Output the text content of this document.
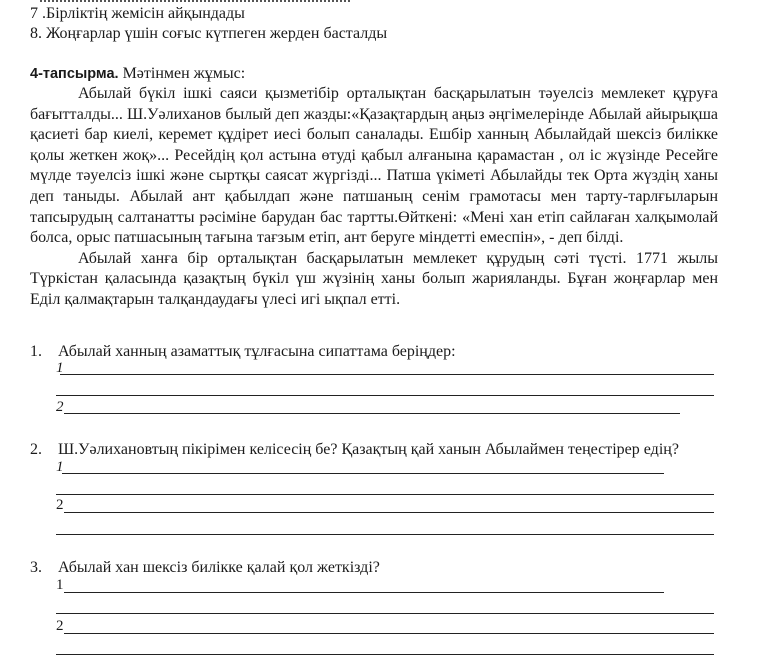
7 .Бірліктің жемісін айқындады
8. Жоңғарлар үшін соғыс күтпеген жерден басталды
4-тапсырма. Мәтінмен жұмыс:

Абылай бүкіл ішкі саяси қызметібір орталықтан басқарылатын тәуелсіз мемлекет құруға бағытталды... Ш.Уәлиханов былый деп жазды:«Қазақтардың аңыз әңгімелерінде Абылай айырықша қасиеті бар киелі, керемет құдірет иесі болып саналады. Ешбір ханның Абылайдай шексіз билікке қолы жеткен жоқ»... Ресейдің қол астына өтуді қабыл алғанына қарамастан , ол іс жүзінде Ресейге мүлде тәуелсіз ішкі және сыртқы саясат жүргізді... Патша үкіметі Абылайды тек Орта жүздің ханы деп таныды. Абылай ант қабылдап және патшаның сенім грамотасы мен тарту-тарлғыларын тапсырудың салтанатты рәсіміне барудан бас тартты.Өйткені: «Мені хан етіп сайлаған халқымолай болса, орыс патшасының тағына тағзым етіп, ант беруге міндетті емеспін», - деп білді.

Абылай ханға бір орталықтан басқарылатын мемлекет құрудың сәті түсті. 1771 жылы Түркістан қаласында қазақтың бүкіл үш жүзінің ханы болып жарияланды. Бұған жоңғарлар мен Еділ қалмақтарын талқандаудағы үлесі игі ықпал етті.

1. Абылай ханның азаматтық тұлғасына сипаттама беріңдер:
1
2
2. Ш.Уәлихановтың пікірімен келісесің бе? Қазақтың қай ханын Абылаймен теңестірер едің?
1
2
3. Абылай хан шексіз билікке қалай қол жеткізді?
1
2
